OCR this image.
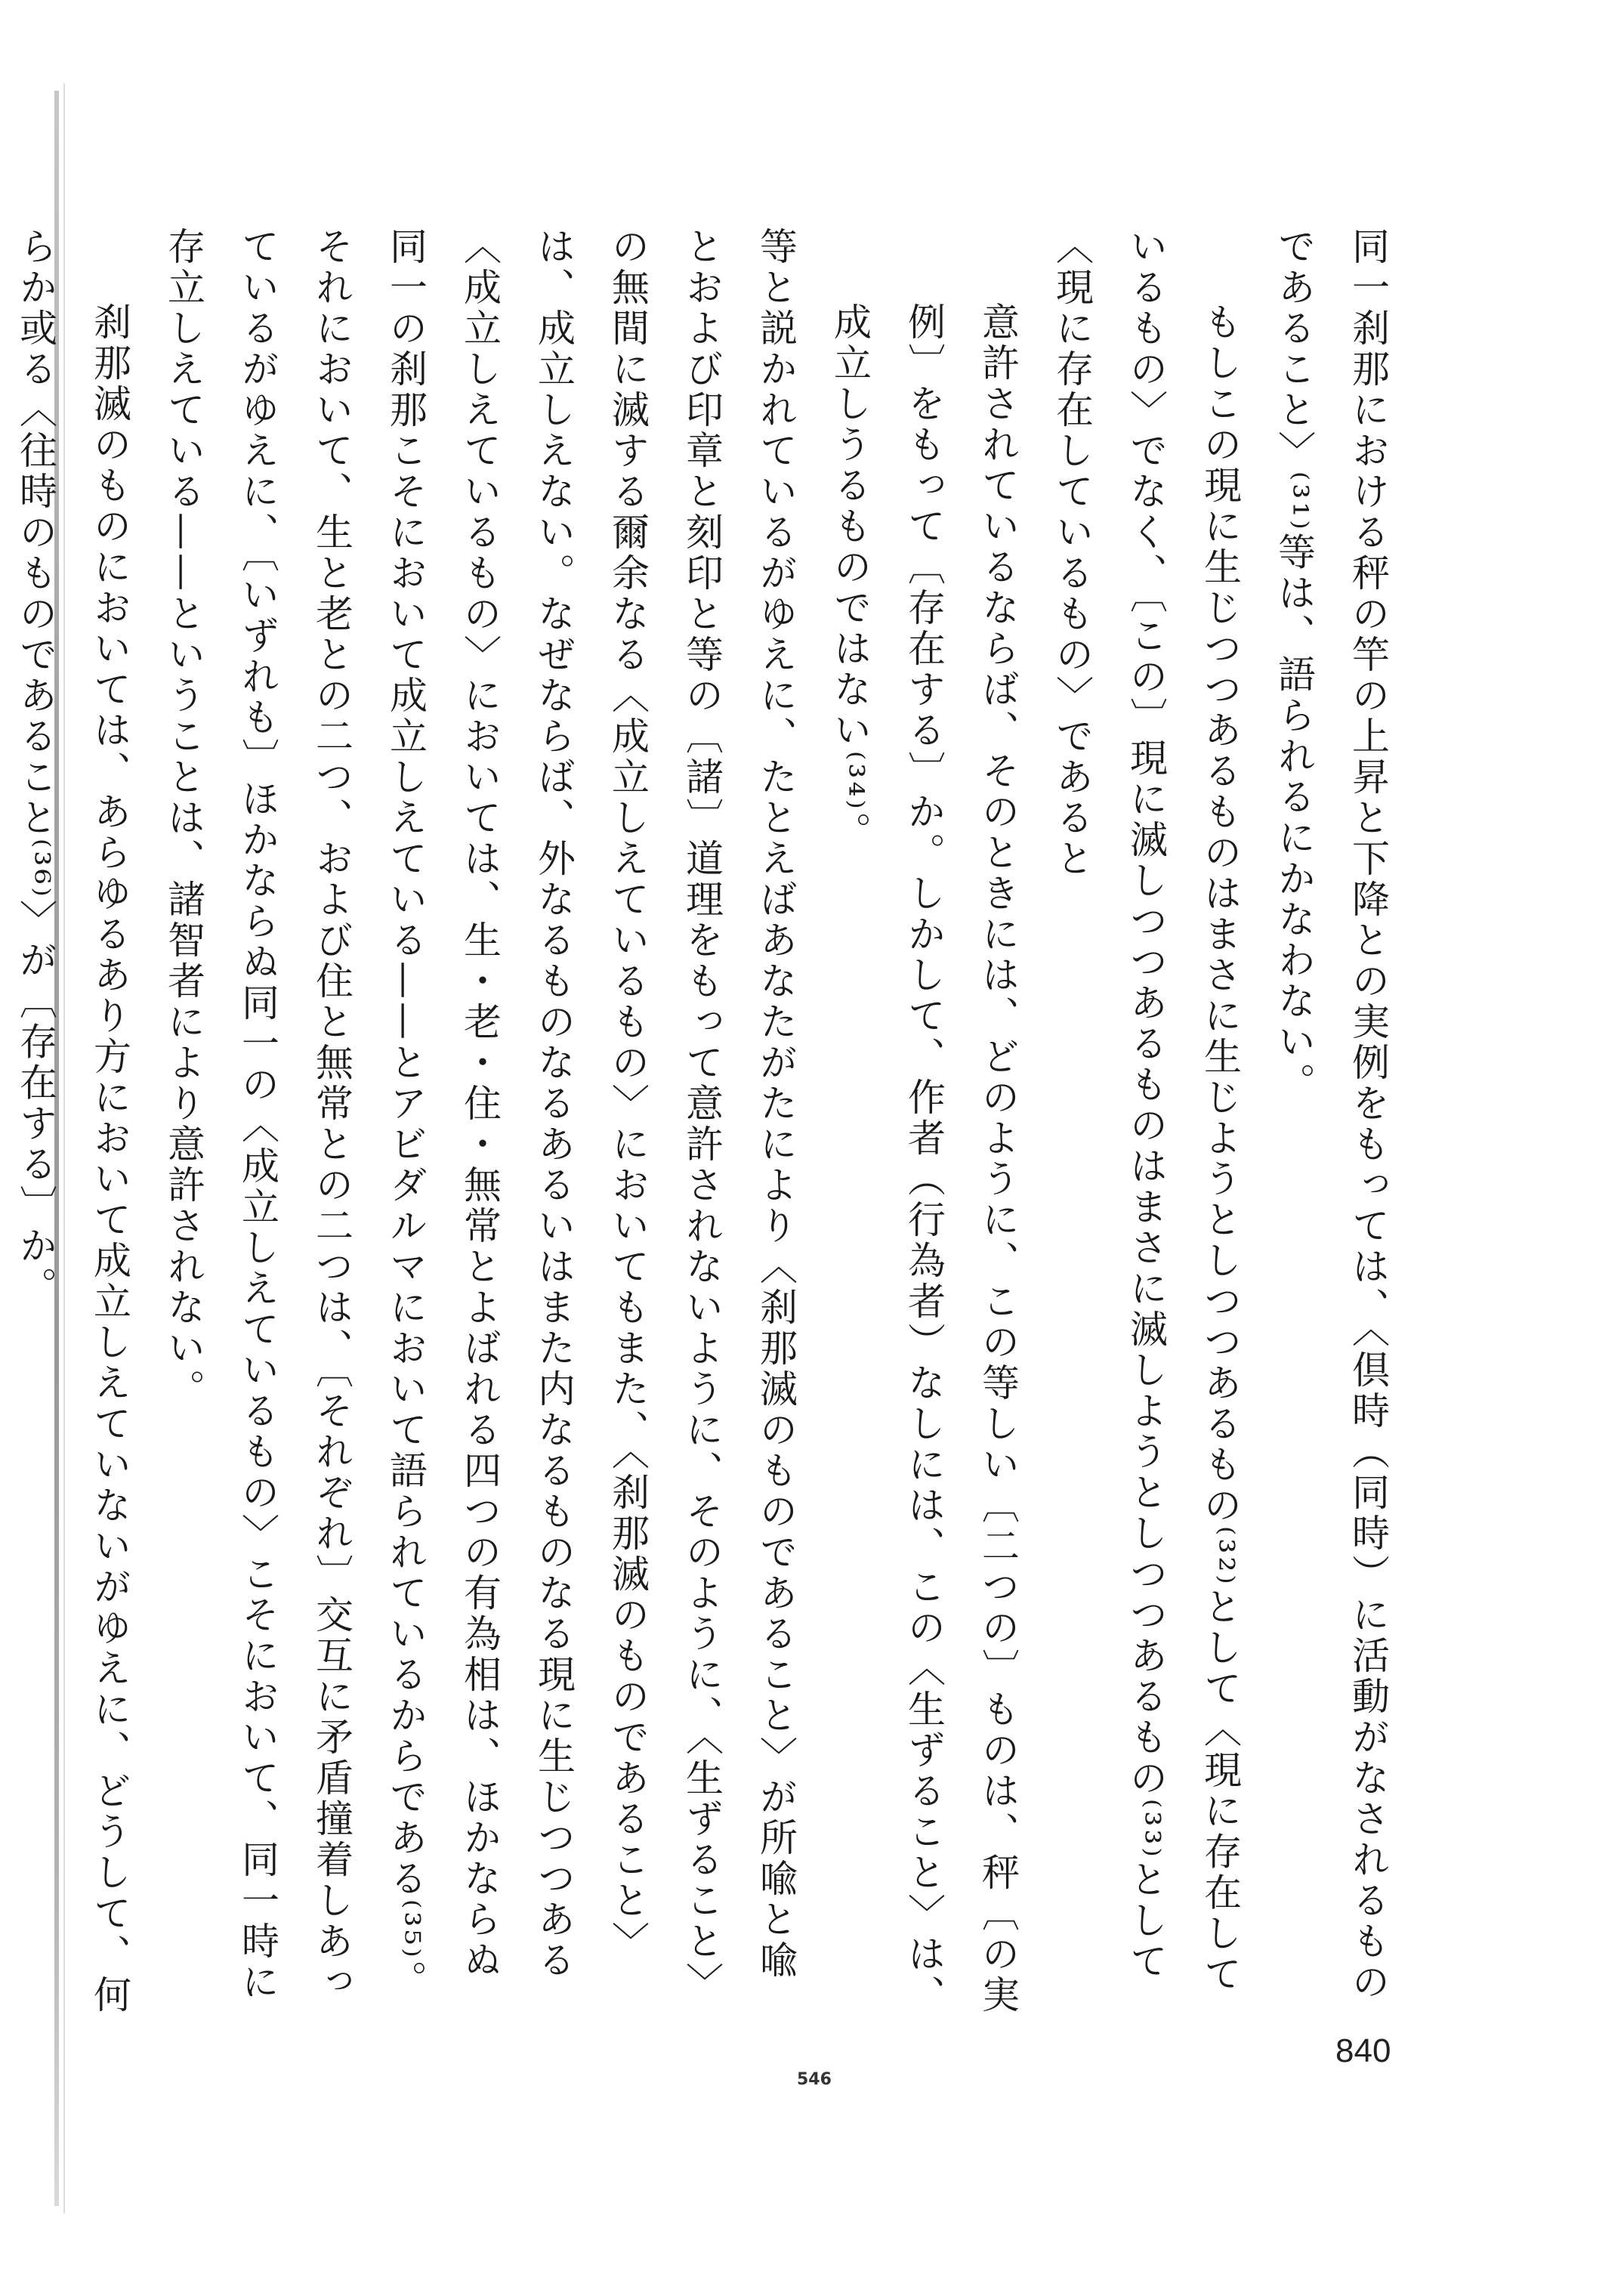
同一刹那における秤の竿の上昇と下降との実例をもっては、〈倶時（同時）に活動がなされるものであること〉⁽³¹⁾等は、語られるにかなわない。

もしこの現に生じつつあるものはまさに生じようとしつつあるもの⁽³²⁾として〈現に存在しているもの〉でなく、〔この〕現に滅しつつあるものはまさに滅しようとしつつあるもの⁽³³⁾として〈現に存在しているもの〉であると

意許されているならば、そのときには、どのように、この等しい〔二つの〕ものは、秤〔の実例〕をもって〔存在する〕か。しかして、作者（行為者）なしには、この〈生ずること〉は、成立しうるものではない⁽³⁴⁾。

等と説かれているがゆえに、たとえばあなたがたにより〈刹那滅のものであること〉が所喩と喩とおよび印章と刻印と等の〔諸〕道理をもって意許されないように、そのように、〈生ずること〉の無間に滅する爾余なる〈成立しえているもの〉においてもまた、〈刹那滅のものであること〉は、成立しえない。なぜならば、外なるものなるあるいはまた内なるものなる現に生じつつある〈成立しえているもの〉においては、生・老・住・無常とよばれる四つの有為相は、ほかならぬ同一の刹那こそにおいて成立しえている——とアビダルマにおいて語られているからである⁽³⁵⁾。それにおいて、生と老との二つ、および住と無常との二つは、〔それぞれ〕交互に矛盾撞着しあっているがゆえに、〔いずれも〕ほかならぬ同一の〈成立しえているもの〉こそにおいて、同一時に存立しえている——ということは、諸智者により意許されない。

刹那滅のものにおいては、あらゆるあり方において成立しえていないがゆえに、どうして、何らか或る〈往時のものであること⁽³⁶⁾〉が〔存在する〕か。

546
840
